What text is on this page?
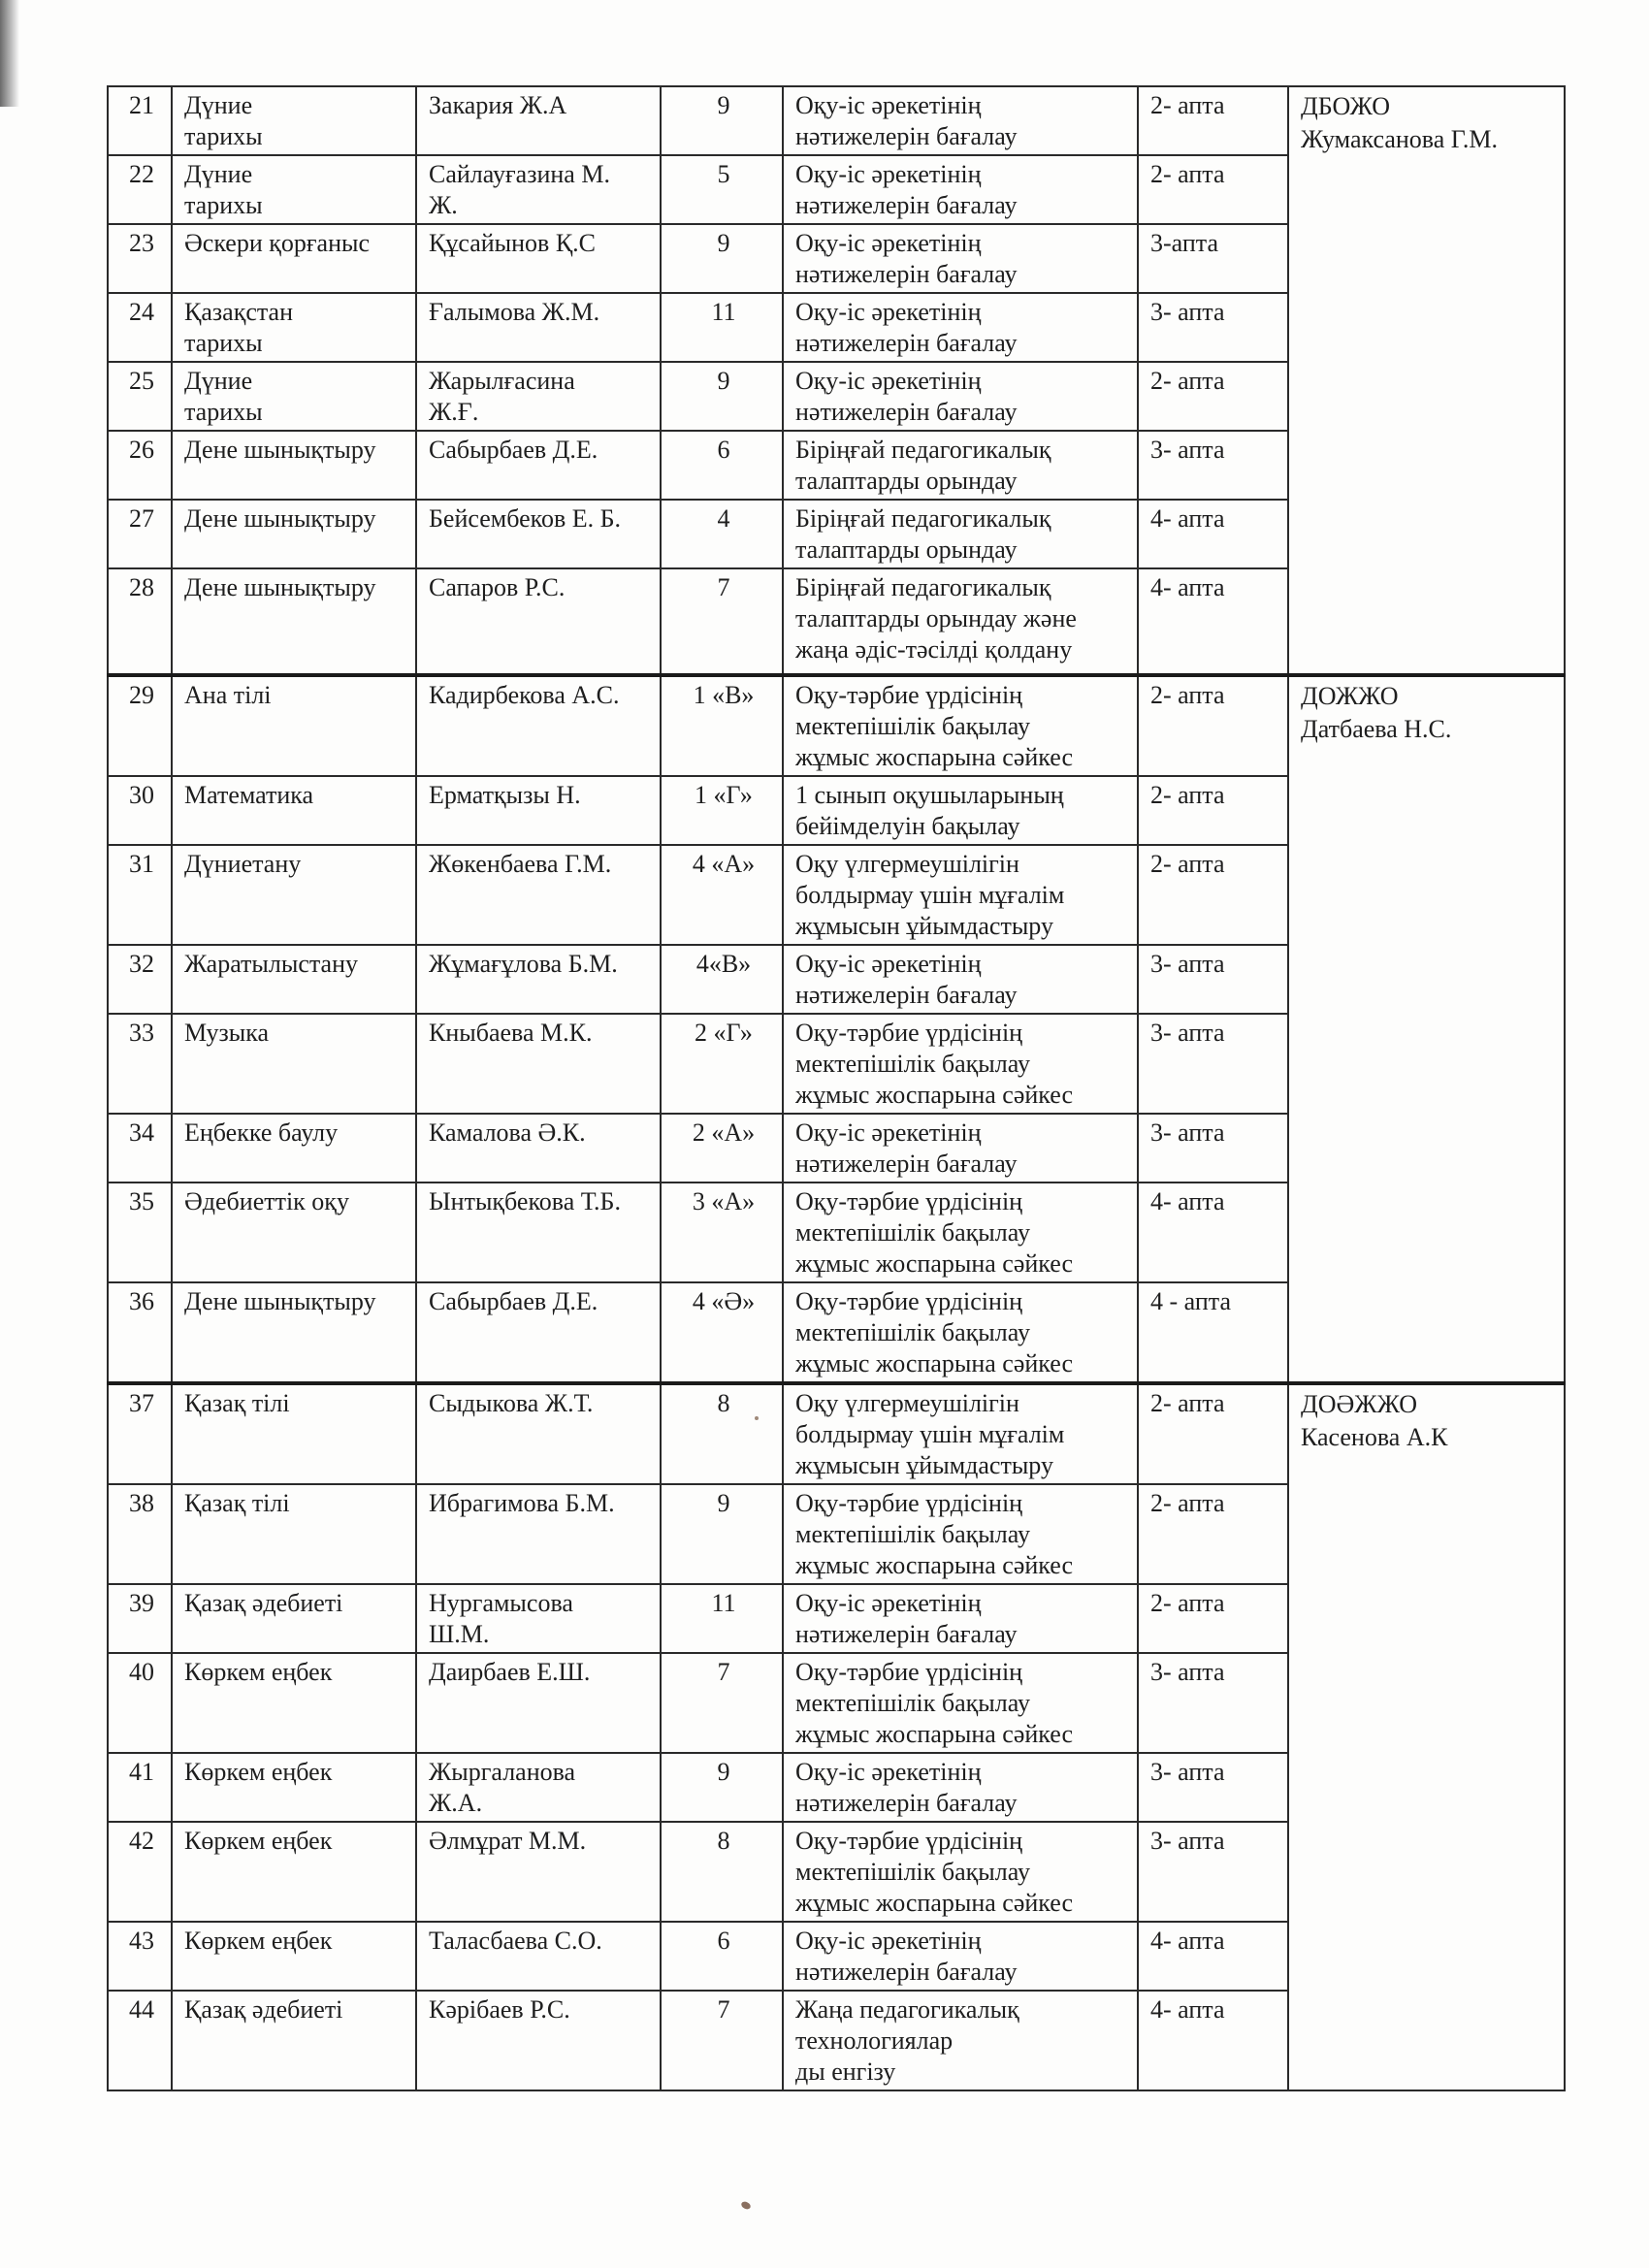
21	Дүние
тарихы	Закария Ж.А	9	Оқу-іс әрекетінің
нәтижелерін бағалау	2- апта	ДБОЖО
Жумаксанова Г.М.
22	Дүние
тарихы	Сайлауғазина М.
Ж.	5	Оқу-іс әрекетінің
нәтижелерін бағалау	2- апта	
23	Әскери қорғаныс	Құсайынов Қ.С	9	Оқу-іс әрекетінің
нәтижелерін бағалау	3-апта	
24	Қазақстан
тарихы	Ғалымова Ж.М.	11	Оқу-іс әрекетінің
нәтижелерін бағалау	3- апта	
25	Дүние
тарихы	Жарылғасина
Ж.Ғ.	9	Оқу-іс әрекетінің
нәтижелерін бағалау	2- апта	
26	Дене шынықтыру	Сабырбаев Д.Е.	6	Біріңғай педагогикалық
талаптарды орындау	3- апта	
27	Дене шынықтыру	Бейсембеков Е. Б.	4	Біріңғай педагогикалық
талаптарды орындау	4- апта	
28	Дене шынықтыру	Сапаров Р.С.	7	Біріңғай педагогикалық
талаптарды орындау және
жаңа әдіс-тәсілді қолдану	4- апта	
29	Ана тілі	Кадирбекова А.С.	1 «В»	Оқу-тәрбие үрдісінің
мектепішілік бақылау
жұмыс жоспарына сәйкес	2- апта	ДОЖЖО
Датбаева Н.С.
30	Математика	Ерматқызы Н.	1 «Г»	1 сынып оқушыларының
бейімделуін бақылау	2- апта	
31	Дүниетану	Жөкенбаева Г.М.	4 «А»	Оқу үлгермеушілігін
болдырмау үшін мұғалім
жұмысын ұйымдастыру	2- апта	
32	Жаратылыстану	Жұмағұлова Б.М.	4«В»	Оқу-іс әрекетінің
нәтижелерін бағалау	3- апта	
33	Музыка	Кныбаева М.К.	2 «Г»	Оқу-тәрбие үрдісінің
мектепішілік бақылау
жұмыс жоспарына сәйкес	3- апта	
34	Еңбекке баулу	Камалова Ә.К.	2 «А»	Оқу-іс әрекетінің
нәтижелерін бағалау	3- апта	
35	Әдебиеттік оқу	Ынтықбекова Т.Б.	3 «А»	Оқу-тәрбие үрдісінің
мектепішілік бақылау
жұмыс жоспарына сәйкес	4- апта	
36	Дене шынықтыру	Сабырбаев Д.Е.	4 «Ә»	Оқу-тәрбие үрдісінің
мектепішілік бақылау
жұмыс жоспарына сәйкес	4 - апта	
37	Қазақ тілі	Сыдыкова Ж.Т.	8	Оқу үлгермеушілігін
болдырмау үшін мұғалім
жұмысын ұйымдастыру	2- апта	ДОӘЖЖО
Касенова А.К
38	Қазақ тілі	Ибрагимова Б.М.	9	Оқу-тәрбие үрдісінің
мектепішілік бақылау
жұмыс жоспарына сәйкес	2- апта	
39	Қазақ әдебиеті	Нургамысова
Ш.М.	11	Оқу-іс әрекетінің
нәтижелерін бағалау	2- апта	
40	Көркем еңбек	Даирбаев Е.Ш.	7	Оқу-тәрбие үрдісінің
мектепішілік бақылау
жұмыс жоспарына сәйкес	3- апта	
41	Көркем еңбек	Жыргаланова
Ж.А.	9	Оқу-іс әрекетінің
нәтижелерін бағалау	3- апта	
42	Көркем еңбек	Әлмұрат М.М.	8	Оқу-тәрбие үрдісінің
мектепішілік бақылау
жұмыс жоспарына сәйкес	3- апта	
43	Көркем еңбек	Таласбаева С.О.	6	Оқу-іс әрекетінің
нәтижелерін бағалау	4- апта	
44	Қазақ әдебиеті	Кәрібаев Р.С.	7	Жаңа педагогикалық
технологиялар
ды енгізу	4- апта	
